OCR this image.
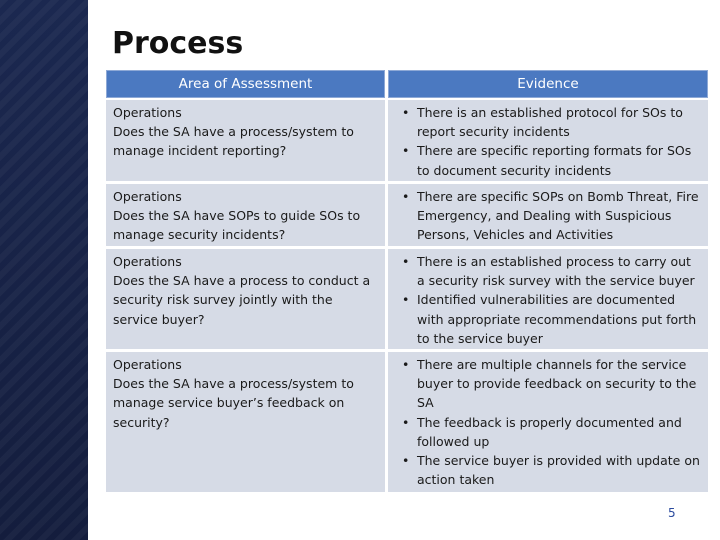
Process
Area of Assessment	Evidence
Operations
Does the SA have a process/system to manage incident reporting?
• There is an established protocol for SOs to report security incidents
• There are specific reporting formats for SOs to document security incidents
Operations
Does the SA have SOPs to guide SOs to manage security incidents?
• There are specific SOPs on Bomb Threat, Fire Emergency, and Dealing with Suspicious Persons, Vehicles and Activities
Operations
Does the SA have a process to conduct a security risk survey jointly with the service buyer?
• There is an established process to carry out a security risk survey with the service buyer
• Identified vulnerabilities are documented with appropriate recommendations put forth to the service buyer
Operations
Does the SA have a process/system to manage service buyer’s feedback on security?
• There are multiple channels for the service buyer to provide feedback on security to the SA
• The feedback is properly documented and followed up
• The service buyer is provided with update on action taken
5
